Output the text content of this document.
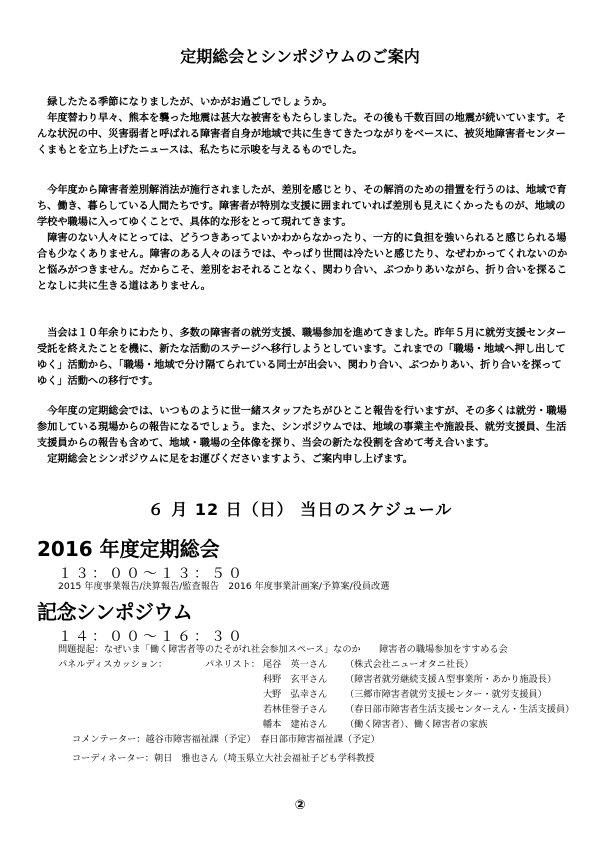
定期総会とシンポジウムのご案内

緑したたる季節になりましたが、いかがお過ごしでしょうか。

年度替わり早々、熊本を襲った地震は甚大な被害をもたらしました。その後も千数百回の地震が続いています。そんな状況の中、災害弱者と呼ばれる障害者自身が地域で共に生きてきたつながりをベースに、被災地障害者センターくまもとを立ち上げたニュースは、私たちに示唆を与えるものでした。

今年度から障害者差別解消法が施行されましたが、差別を感じとり、その解消のための措置を行うのは、地域で育ち、働き、暮らしている人間たちです。障害者が特別な支援に囲まれていれば差別も見えにくかったものが、地域の学校や職場に入ってゆくことで、具体的な形をとって現れてきます。

障害のない人々にとっては、どうつきあってよいかわからなかったり、一方的に負担を強いられると感じられる場合も少なくありません。障害のある人々のほうでは、やっぱり世間は冷たいと感じたり、なぜわかってくれないのかと悩みがつきません。だからこそ、差別をおそれることなく、関わり合い、ぶつかりあいながら、折り合いを探ることなしに共に生きる道はありません。

当会は１０年余りにわたり、多数の障害者の就労支援、職場参加を進めてきました。昨年５月に就労支援センター受託を終えたことを機に、新たな活動のステージへ移行しようとしています。これまでの「職場・地域へ押し出してゆく」活動から、「職場・地域で分け隔てられている同士が出会い、関わり合い、ぶつかりあい、折り合いを探ってゆく」活動への移行です。

今年度の定期総会では、いつものように世一緒スタッフたちがひとこと報告を行いますが、その多くは就労・職場参加している現場からの報告になるでしょう。また、シンポジウムでは、地域の事業主や施設長、就労支援員、生活支援員からの報告も含めて、地域・職場の全体像を探り、当会の新たな役割を含めて考え合います。

定期総会とシンポジウムに足をお運びくださいますよう、ご案内申し上げます。

６ 月 12 日（日） 当日のスケジュール
2016 年度定期総会
１３：００～１３：５０
2015 年度事業報告/決算報告/監査報告　2016 年度事業計画案/予算案/役員改選
記念シンポジウム
１４：００～１６：３０
問題提起：なぜいま「働く障害者等のたそがれ社会参加スペース」なのか　　障害者の職場参加をすすめる会
パネルディスカッション：	パネリスト： 尾谷　英一さん （株式会社ニューオタニ社長）
科野　玄平さん （障害者就労継続支援Ａ型事業所・あかり施設長）
大野　弘幸さん （三郷市障害者就労支援センター・就労支援員）
若林佳誉子さん （春日部市障害者生活支援センターえん・生活支援員）
幡本　建祐さん （働く障害者）、働く障害者の家族
コメンテーター：越谷市障害福祉課（予定）　春日部市障害福祉課（予定）
コーディネーター：朝日　雅也さん（埼玉県立大社会福祉子ども学科教授
②
